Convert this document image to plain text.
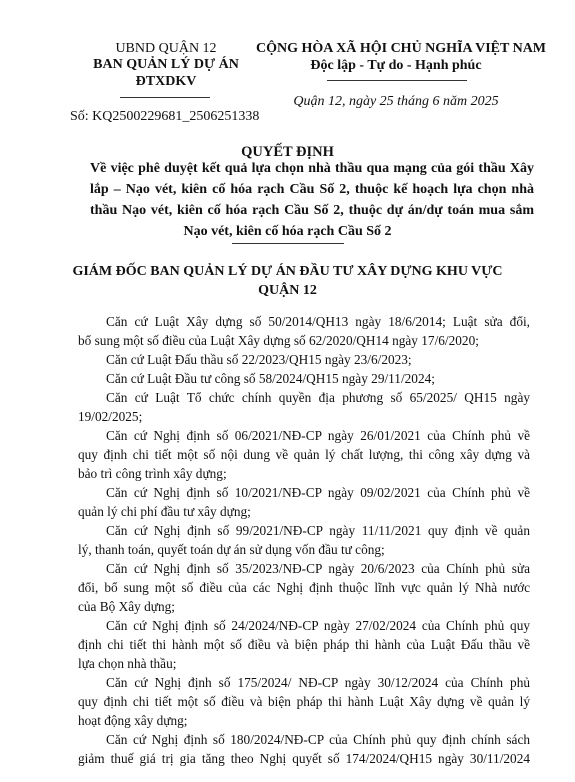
UBND QUẬN 12
BAN QUẢN LÝ DỰ ÁN
ĐTXDKV
Số: KQ2500229681_2506251338
CỘNG HÒA XÃ HỘI CHỦ NGHĨA VIỆT NAM
Độc lập - Tự do - Hạnh phúc
Quận 12, ngày 25 tháng 6 năm 2025
QUYẾT ĐỊNH
Về việc phê duyệt kết quả lựa chọn nhà thầu qua mạng của gói thầu Xây
lắp – Nạo vét, kiên cố hóa rạch Cầu Số 2, thuộc kế hoạch lựa chọn nhà
thầu Nạo vét, kiên cố hóa rạch Cầu Số 2, thuộc dự án/dự toán mua sắm
Nạo vét, kiên cố hóa rạch Cầu Số 2
GIÁM ĐỐC BAN QUẢN LÝ DỰ ÁN ĐẦU TƯ XÂY DỰNG KHU VỰC
QUẬN 12
Căn cứ Luật Xây dựng số 50/2014/QH13 ngày 18/6/2014; Luật sửa đổi,
bổ sung một số điều của Luật Xây dựng số 62/2020/QH14 ngày 17/6/2020;
Căn cứ Luật Đấu thầu số 22/2023/QH15 ngày 23/6/2023;
Căn cứ Luật Đầu tư công số 58/2024/QH15 ngày 29/11/2024;
Căn cứ Luật Tổ chức chính quyền địa phương số 65/2025/ QH15 ngày
19/02/2025;
Căn cứ Nghị định số 06/2021/NĐ-CP ngày 26/01/2021 của Chính phủ về
quy định chi tiết một số nội dung về quản lý chất lượng, thi công xây dựng và
bảo trì công trình xây dựng;
Căn cứ Nghị định số 10/2021/NĐ-CP ngày 09/02/2021 của Chính phủ về
quản lý chi phí đầu tư xây dựng;
Căn cứ Nghị định số 99/2021/NĐ-CP ngày 11/11/2021 quy định về quản
lý, thanh toán, quyết toán dự án sử dụng vốn đầu tư công;
Căn cứ Nghị định số 35/2023/NĐ-CP ngày 20/6/2023 của Chính phủ sửa
đổi, bổ sung một số điều của các Nghị định thuộc lĩnh vực quản lý Nhà nước
của Bộ Xây dựng;
Căn cứ Nghị định số 24/2024/NĐ-CP ngày 27/02/2024 của Chính phủ quy
định chi tiết thi hành một số điều và biện pháp thi hành của Luật Đấu thầu về
lựa chọn nhà thầu;
Căn cứ Nghị định số 175/2024/ NĐ-CP ngày 30/12/2024 của Chính phủ
quy định chi tiết một số điều và biện pháp thi hành Luật Xây dựng về quản lý
hoạt động xây dựng;
Căn cứ Nghị định số 180/2024/NĐ-CP của Chính phủ quy định chính sách
giảm thuế giá trị gia tăng theo Nghị quyết số 174/2024/QH15 ngày 30/11/2024
